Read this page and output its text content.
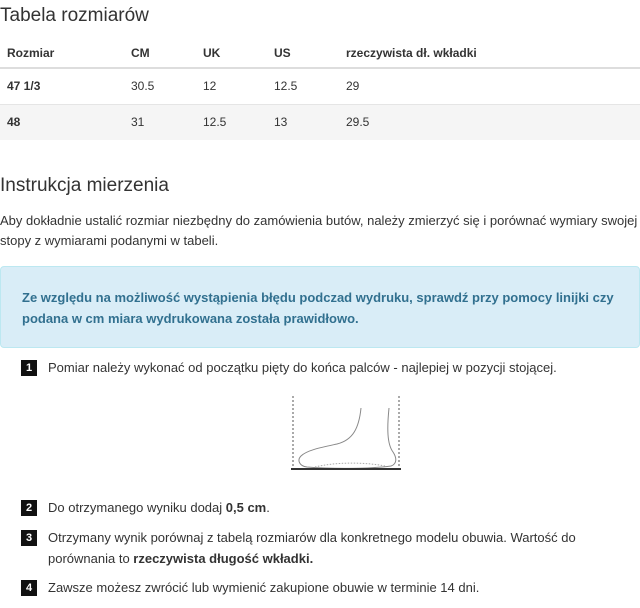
Tabela rozmiarów
Rozmiar	CM	UK	US	rzeczywista dł. wkładki
47 1/3	30.5	12	12.5	29
48	31	12.5	13	29.5
Instrukcja mierzenia

Aby dokładnie ustalić rozmiar niezbędny do zamówienia butów, należy zmierzyć się i porównać wymiary swojej stopy z wymiarami podanymi w tabeli.

Ze względu na możliwość wystąpienia błędu podczad wydruku, sprawdź przy pomocy linijki czy podana w cm miara wydrukowana została prawidłowo.
1	Pomiar należy wykonać od początku pięty do końca palców - najlepiej w pozycji stojącej.
2	Do otrzymanego wyniku dodaj 0,5 cm.
3	Otrzymany wynik porównaj z tabelą rozmiarów dla konkretnego modelu obuwia. Wartość do porównania to rzeczywista długość wkładki.
4	Zawsze możesz zwrócić lub wymienić zakupione obuwie w terminie 14 dni.
